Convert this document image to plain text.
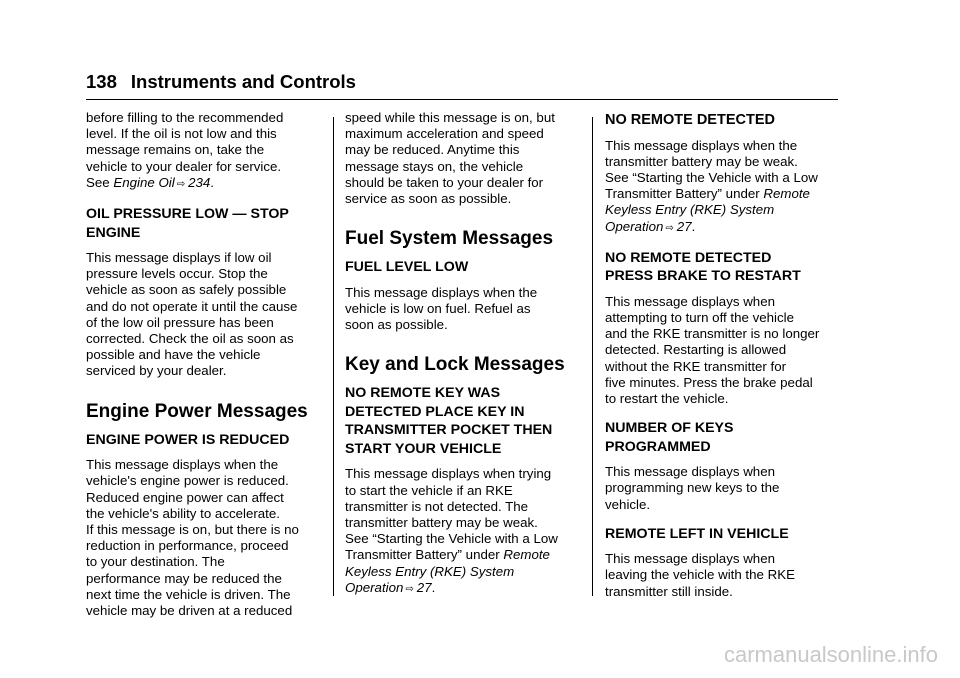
138 Instruments and Controls

before filling to the recommended
level. If the oil is not low and this
message remains on, take the
vehicle to your dealer for service.
See Engine Oil ⇨ 234.

OIL PRESSURE LOW — STOP
ENGINE

This message displays if low oil
pressure levels occur. Stop the
vehicle as soon as safely possible
and do not operate it until the cause
of the low oil pressure has been
corrected. Check the oil as soon as
possible and have the vehicle
serviced by your dealer.

Engine Power Messages
ENGINE POWER IS REDUCED

This message displays when the
vehicle's engine power is reduced.
Reduced engine power can affect
the vehicle's ability to accelerate.
If this message is on, but there is no
reduction in performance, proceed
to your destination. The
performance may be reduced the
next time the vehicle is driven. The
vehicle may be driven at a reduced

speed while this message is on, but
maximum acceleration and speed
may be reduced. Anytime this
message stays on, the vehicle
should be taken to your dealer for
service as soon as possible.

Fuel System Messages
FUEL LEVEL LOW

This message displays when the
vehicle is low on fuel. Refuel as
soon as possible.

Key and Lock Messages
NO REMOTE KEY WAS
DETECTED PLACE KEY IN
TRANSMITTER POCKET THEN
START YOUR VEHICLE

This message displays when trying
to start the vehicle if an RKE
transmitter is not detected. The
transmitter battery may be weak.
See “Starting the Vehicle with a Low
Transmitter Battery” under Remote
Keyless Entry (RKE) System
Operation ⇨ 27.

NO REMOTE DETECTED

This message displays when the
transmitter battery may be weak.
See “Starting the Vehicle with a Low
Transmitter Battery” under Remote
Keyless Entry (RKE) System
Operation ⇨ 27.

NO REMOTE DETECTED
PRESS BRAKE TO RESTART

This message displays when
attempting to turn off the vehicle
and the RKE transmitter is no longer
detected. Restarting is allowed
without the RKE transmitter for
five minutes. Press the brake pedal
to restart the vehicle.

NUMBER OF KEYS
PROGRAMMED

This message displays when
programming new keys to the
vehicle.

REMOTE LEFT IN VEHICLE

This message displays when
leaving the vehicle with the RKE
transmitter still inside.

carmanualsonline.info
